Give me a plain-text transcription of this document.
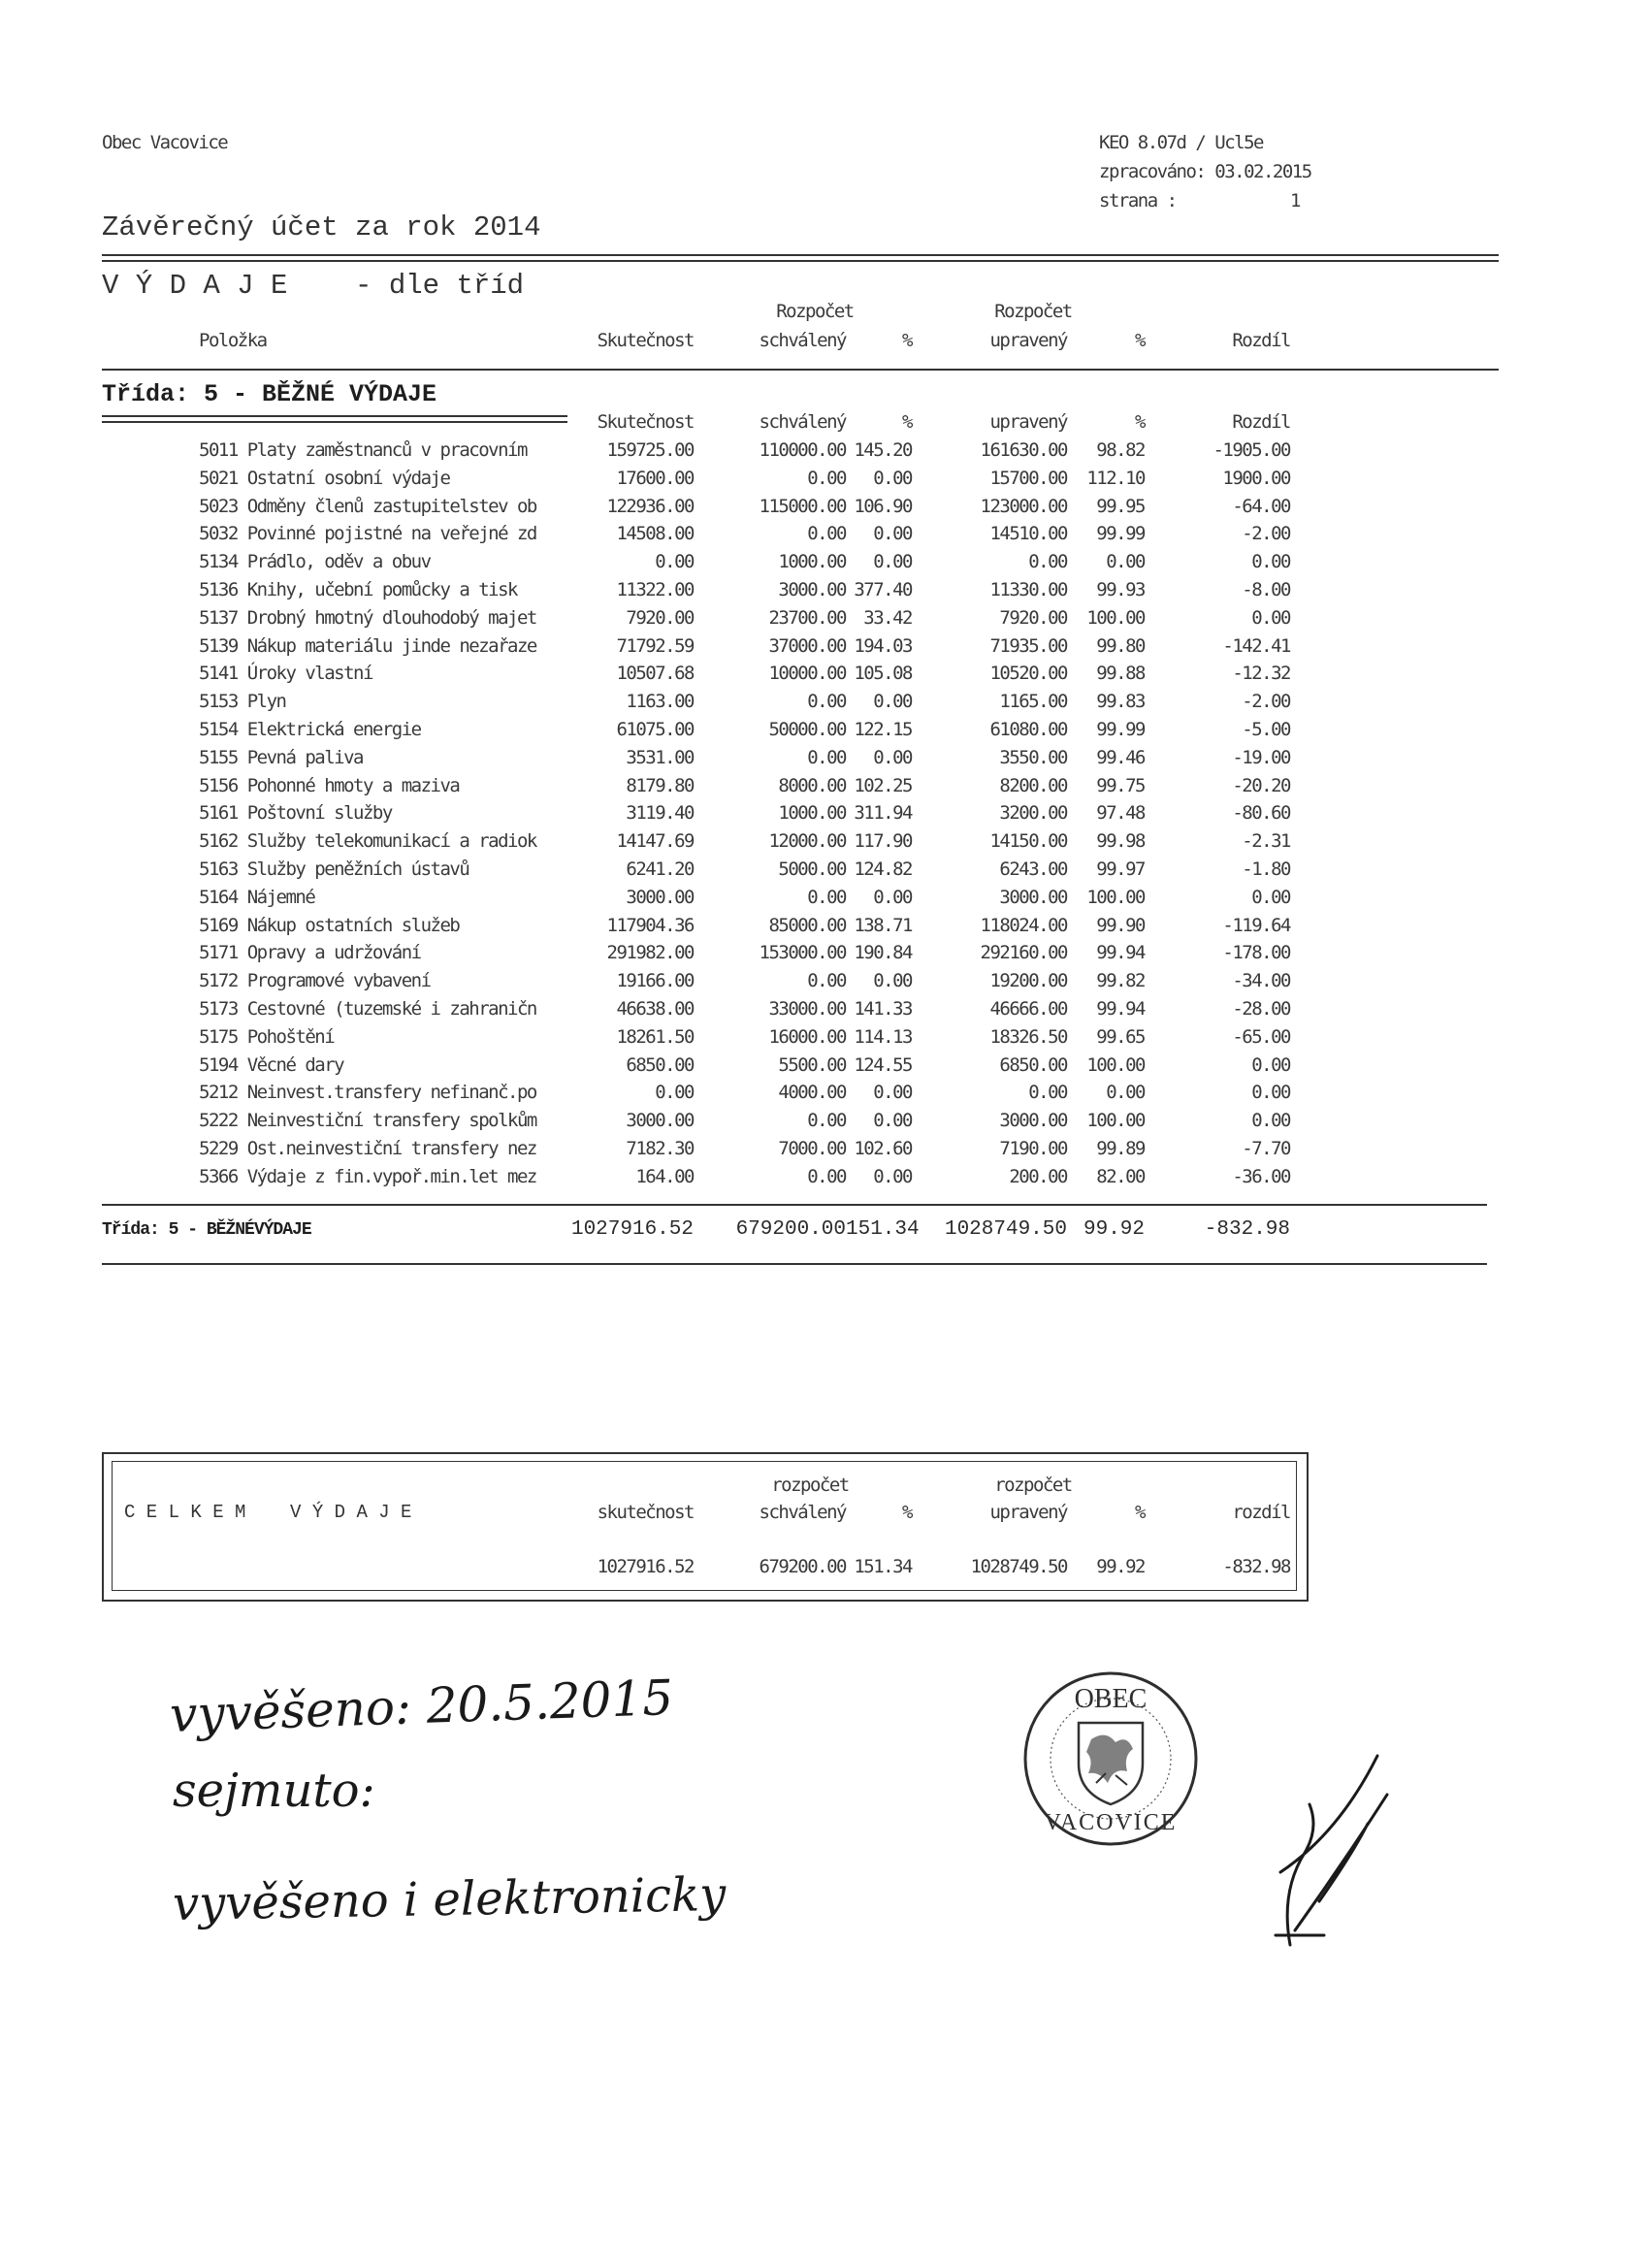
Obec Vacovice
Závěrečný účet za rok 2014
KEO 8.07d / Ucl5e
zpracováno: 03.02.2015
strana :	1
V Ý D A J E    - dle tříd
Rozpočet	Rozpočet
Položka	Skutečnost	schválený	%	upravený	%	Rozdíl
Třída: 5 - BĚŽNÉ VÝDAJE
Skutečnost	schválený	%	upravený	%	Rozdíl
5011 Platy zaměstnanců v pracovním	159725.00	110000.00 145.20	161630.00	98.82	-1905.00
5021 Ostatní osobní výdaje	17600.00	0.00	0.00	15700.00	112.10	1900.00
5023 Odměny členů zastupitelstev ob	122936.00	115000.00 106.90	123000.00	99.95	-64.00
5032 Povinné pojistné na veřejné zd	14508.00	0.00	0.00	14510.00	99.99	-2.00
5134 Prádlo, oděv a obuv	0.00	1000.00	0.00	0.00	0.00	0.00
5136 Knihy, učební pomůcky a tisk	11322.00	3000.00 377.40	11330.00	99.93	-8.00
5137 Drobný hmotný dlouhodobý majet	7920.00	23700.00 33.42	7920.00	100.00	0.00
5139 Nákup materiálu jinde nezařaze	71792.59	37000.00 194.03	71935.00	99.80	-142.41
5141 Úroky vlastní	10507.68	10000.00 105.08	10520.00	99.88	-12.32
5153 Plyn	1163.00	0.00	0.00	1165.00	99.83	-2.00
5154 Elektrická energie	61075.00	50000.00 122.15	61080.00	99.99	-5.00
5155 Pevná paliva	3531.00	0.00	0.00	3550.00	99.46	-19.00
5156 Pohonné hmoty a maziva	8179.80	8000.00 102.25	8200.00	99.75	-20.20
5161 Poštovní služby	3119.40	1000.00 311.94	3200.00	97.48	-80.60
5162 Služby telekomunikací a radiok	14147.69	12000.00 117.90	14150.00	99.98	-2.31
5163 Služby peněžních ústavů	6241.20	5000.00 124.82	6243.00	99.97	-1.80
5164 Nájemné	3000.00	0.00	0.00	3000.00	100.00	0.00
5169 Nákup ostatních služeb	117904.36	85000.00 138.71	118024.00	99.90	-119.64
5171 Opravy a udržování	291982.00	153000.00 190.84	292160.00	99.94	-178.00
5172 Programové vybavení	19166.00	0.00	0.00	19200.00	99.82	-34.00
5173 Cestovné (tuzemské i zahraničn	46638.00	33000.00 141.33	46666.00	99.94	-28.00
5175 Pohoštění	18261.50	16000.00 114.13	18326.50	99.65	-65.00
5194 Věcné dary	6850.00	5500.00 124.55	6850.00	100.00	0.00
5212 Neinvest.transfery nefinanč.po	0.00	4000.00	0.00	0.00	0.00	0.00
5222 Neinvestiční transfery spolkům	3000.00	0.00	0.00	3000.00	100.00	0.00
5229 Ost.neinvestiční transfery nez	7182.30	7000.00 102.60	7190.00	99.89	-7.70
5366 Výdaje z fin.vypoř.min.let mez	164.00	0.00	0.00	200.00	82.00	-36.00
Třída: 5 - BĚŽNÉVÝDAJE	1027916.52	679200.00 151.34	1028749.50 99.92	-832.98
rozpočet	rozpočet
C E L K E M    V Ý D A J E	skutečnost	schválený	%	upravený	%	rozdíl
1027916.52	679200.00 151.34	1028749.50	99.92	-832.98
vyvěšeno: 20.5.2015
sejmuto:
vyvěšeno i elektronicky
OBEC
VACOVICE
